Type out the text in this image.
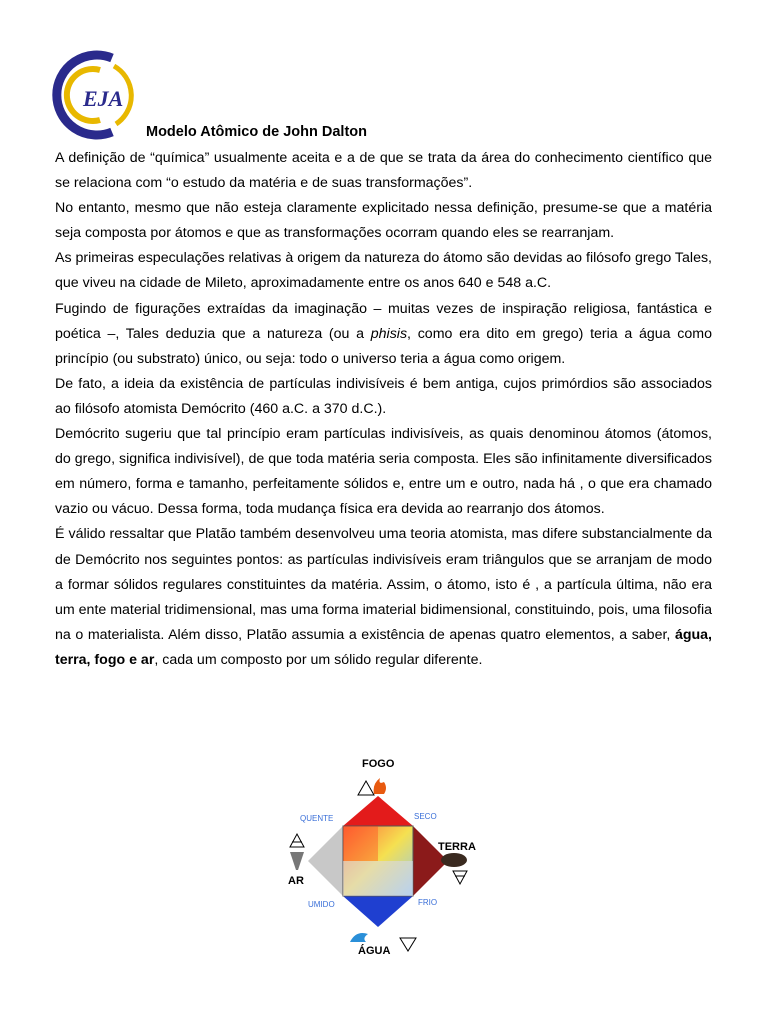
EJA
Modelo Atômico de John Dalton

A definição de “química” usualmente aceita e a de que se trata da área do conhecimento científico que se relaciona com “o estudo da matéria e de suas transformações”.

No entanto, mesmo que não esteja claramente explicitado nessa definição, presume-se que a matéria seja composta por átomos e que as transformações ocorram quando eles se rearranjam.

As primeiras especulações relativas à origem da natureza do átomo são devidas ao filósofo grego Tales, que viveu na cidade de Mileto, aproximadamente entre os anos 640 e 548 a.C.

Fugindo de figurações extraídas da imaginação – muitas vezes de inspiração religiosa, fantástica e poética –, Tales deduzia que a natureza (ou a phisis, como era dito em grego) teria a água como princípio (ou substrato) único, ou seja: todo o universo teria a água como origem.

De fato, a ideia da existência de partículas indivisíveis é bem antiga, cujos primórdios são associados ao filósofo atomista Demócrito (460 a.C. a 370 d.C.).

Demócrito sugeriu que tal princípio eram partículas indivisíveis, as quais denominou átomos (átomos, do grego, significa indivisível), de que toda matéria seria composta. Eles são infinitamente diversificados em número, forma e tamanho, perfeitamente sólidos e, entre um e outro, nada há , o que era chamado vazio ou vácuo. Dessa forma, toda mudança física era devida ao rearranjo dos átomos.

É válido ressaltar que Platão também desenvolveu uma teoria atomista, mas difere substancialmente da de Demócrito nos seguintes pontos: as partículas indivisíveis eram triângulos que se arranjam de modo a formar sólidos regulares constituintes da matéria. Assim, o átomo, isto é , a partícula última, não era um ente material tridimensional, mas uma forma imaterial bidimensional, constituindo, pois, uma filosofia na o materialista. Além disso, Platão assumia a existência de apenas quatro elementos, a saber, água, terra, fogo e ar, cada um composto por um sólido regular diferente.

FOGO
TERRA
ÁGUA
AR
QUENTE	SECO
UMIDO	FRIO
